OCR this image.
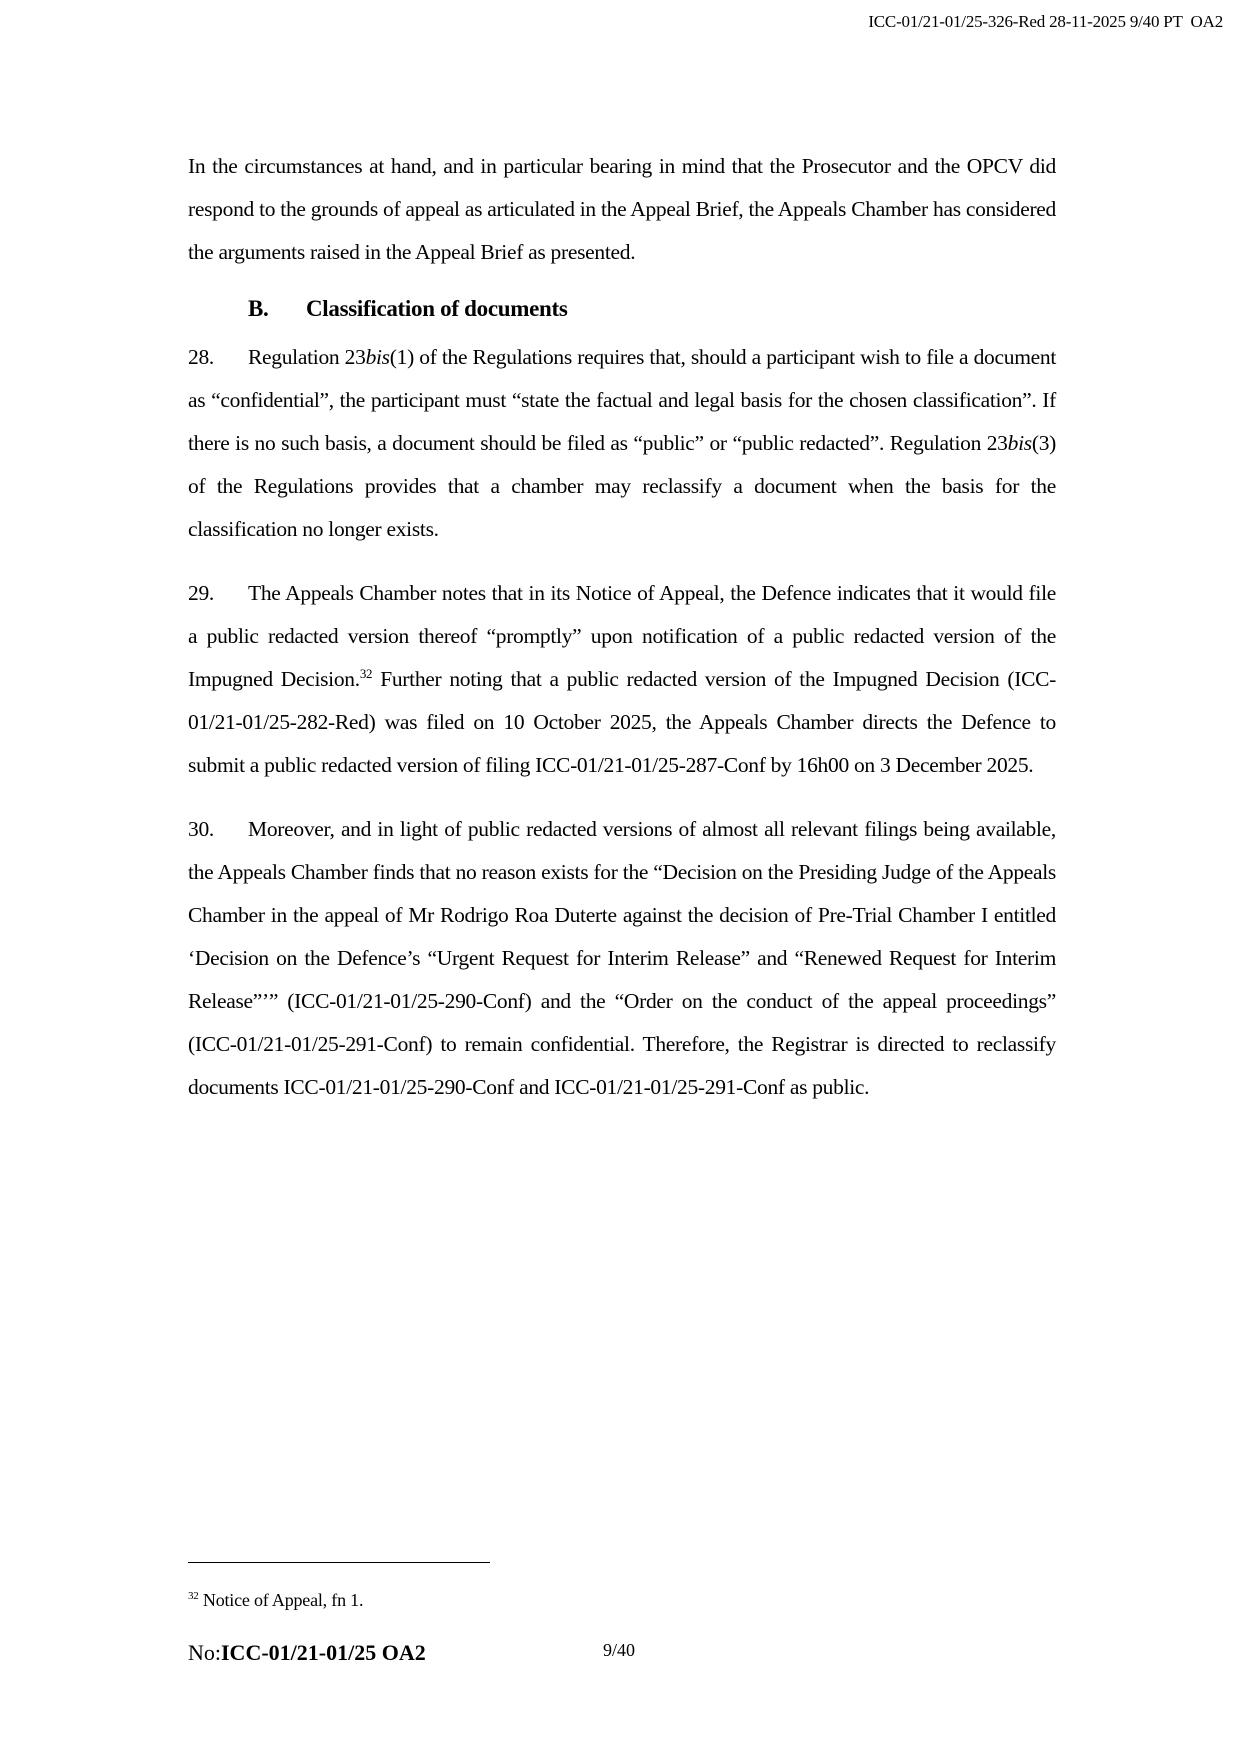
ICC-01/21-01/25-326-Red 28-11-2025 9/40 PT  OA2

In the circumstances at hand, and in particular bearing in mind that the Prosecutor and the OPCV did respond to the grounds of appeal as articulated in the Appeal Brief, the Appeals Chamber has considered the arguments raised in the Appeal Brief as presented.

B.	Classification of documents

28. Regulation 23bis(1) of the Regulations requires that, should a participant wish to file a document as “confidential”, the participant must “state the factual and legal basis for the chosen classification”. If there is no such basis, a document should be filed as “public” or “public redacted”. Regulation 23bis(3) of the Regulations provides that a chamber may reclassify a document when the basis for the classification no longer exists.

29. The Appeals Chamber notes that in its Notice of Appeal, the Defence indicates that it would file a public redacted version thereof “promptly” upon notification of a public redacted version of the Impugned Decision.$^{32}$ Further noting that a public redacted version of the Impugned Decision (ICC-01/21-01/25-282-Red) was filed on 10 October 2025, the Appeals Chamber directs the Defence to submit a public redacted version of filing ICC-01/21-01/25-287-Conf by 16h00 on 3 December 2025.

30. Moreover, and in light of public redacted versions of almost all relevant filings being available, the Appeals Chamber finds that no reason exists for the “Decision on the Presiding Judge of the Appeals Chamber in the appeal of Mr Rodrigo Roa Duterte against the decision of Pre-Trial Chamber I entitled ‘Decision on the Defence’s “Urgent Request for Interim Release” and “Renewed Request for Interim Release”’” (ICC-01/21-01/25-290-Conf) and the “Order on the conduct of the appeal proceedings” (ICC-01/21-01/25-291-Conf) to remain confidential. Therefore, the Registrar is directed to reclassify documents ICC-01/21-01/25-290-Conf and ICC-01/21-01/25-291-Conf as public.

$^{32}$ Notice of Appeal, fn 1.
No: ICC-01/21-01/25 OA2	9/40
